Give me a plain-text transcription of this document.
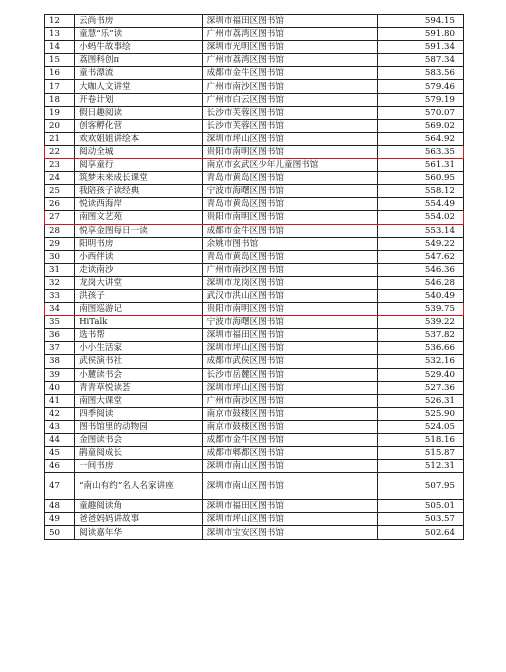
12	云尚书房	深圳市福田区图书馆	594.15
13	童慧“乐”读	广州市荔湾区图书馆	591.80
14	小蚂牛故事绘	深圳市光明区图书馆	591.34
15	荔图科创π	广州市荔湾区图书馆	587.34
16	童书漂流	成都市金牛区图书馆	583.56
17	大咖人文讲堂	广州市南沙区图书馆	579.46
18	开卷计划	广州市白云区图书馆	579.19
19	假日趣阅读	长沙市芙蓉区图书馆	570.07
20	创客孵化营	长沙市芙蓉区图书馆	569.02
21	欢欢姐姐讲绘本	深圳市坪山区图书馆	564.92
22	阅动全城	贵阳市南明区图书馆	563.35
23	阅享童行	南京市玄武区少年儿童图书馆	561.31
24	筑梦未来成长课堂	青岛市黄岛区图书馆	560.95
25	我陪孩子读经典	宁波市海曙区图书馆	558.12
26	悦读西海岸	青岛市黄岛区图书馆	554.49
27	南图文艺苑	贵阳市南明区图书馆	554.02
28	悦享金图每日一读	成都市金牛区图书馆	553.14
29	阳明书房	余姚市图书馆	549.22
30	小西伴读	青岛市黄岛区图书馆	547.62
31	走读南沙	广州市南沙区图书馆	546.36
32	龙岗大讲堂	深圳市龙岗区图书馆	546.28
33	洪孩子	武汉市洪山区图书馆	540.49
34	南图巡游记	贵阳市南明区图书馆	539.75
35	HiTalk	宁波市海曙区图书馆	539.22
36	选书帮	深圳市福田区图书馆	537.82
37	小小生活家	深圳市坪山区图书馆	536.66
38	武侯演书社	成都市武侯区图书馆	532.16
39	小麓读书会	长沙市岳麓区图书馆	529.40
40	青青草悦读荟	深圳市坪山区图书馆	527.36
41	南图大课堂	广州市南沙区图书馆	526.31
42	四季阅读	南京市鼓楼区图书馆	525.90
43	图书馆里的动物园	南京市鼓楼区图书馆	524.05
44	金图读书会	成都市金牛区图书馆	518.16
45	鹃童阅成长	成都市郫都区图书馆	515.87
46	一间书房	深圳市南山区图书馆	512.31
47	“南山有约”名人名家讲座	深圳市南山区图书馆	507.95
48	童趣阅读角	深圳市福田区图书馆	505.01
49	爸爸妈妈讲故事	深圳市坪山区图书馆	503.57
50	阅读嘉年华	深圳市宝安区图书馆	502.64
